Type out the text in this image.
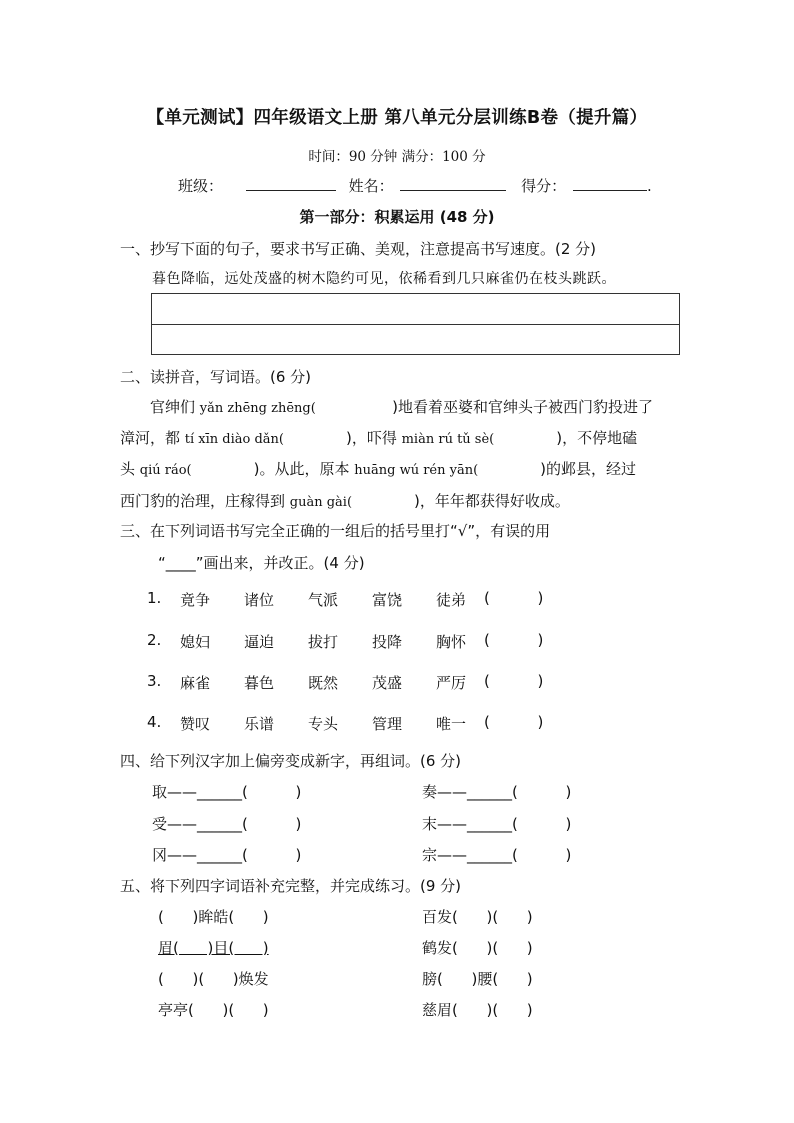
【单元测试】四年级语文上册 第八单元分层训练B卷（提升篇）
时间：90 分钟 满分：100 分
班级：	姓名：	得分：	.
第一部分：积累运用 (48 分)
一、抄写下面的句子，要求书写正确、美观，注意提高书写速度。(2 分)
暮色降临，远处茂盛的树木隐约可见，依稀看到几只麻雀仍在枝头跳跃。
二、读拼音，写词语。(6 分)
官绅们 yǎn zhēng zhēng(                )地看着巫婆和官绅头子被西门豹投进了
漳河，都 tí xīn diào dǎn(             )，吓得 miàn rú tǔ sè(             )，不停地磕
头 qiú ráo(             )。从此，原本 huāng wú rén yān(             )的邺县，经过
西门豹的治理，庄稼得到 guàn gài(             )，年年都获得好收成。
三、在下列词语书写完全正确的一组后的括号里打“√”，有误的用
“____”画出来，并改正。(4 分)
1. 竟争 诸位 气派 富饶 徒弟 (          )
2. 媳妇 逼迫 拔打 投降 胸怀 (          )
3. 麻雀 暮色 既然 茂盛 严厉 (          )
4. 赞叹 乐谱 专头 管理 唯一 (          )
四、给下列汉字加上偏旁变成新字，再组词。(6 分)
取——______(          )	奏——______(          )
受——______(          )	末——______(          )
冈——______(          )	宗——______(          )
五、将下列四字词语补充完整，并完成练习。(9 分)
(      )眸皓(      )	百发(      )(      )
眉(      )目(      )	鹤发(      )(      )
(      )(      )焕发	膀(      )腰(      )
亭亭(      )(      )	慈眉(      )(      )
